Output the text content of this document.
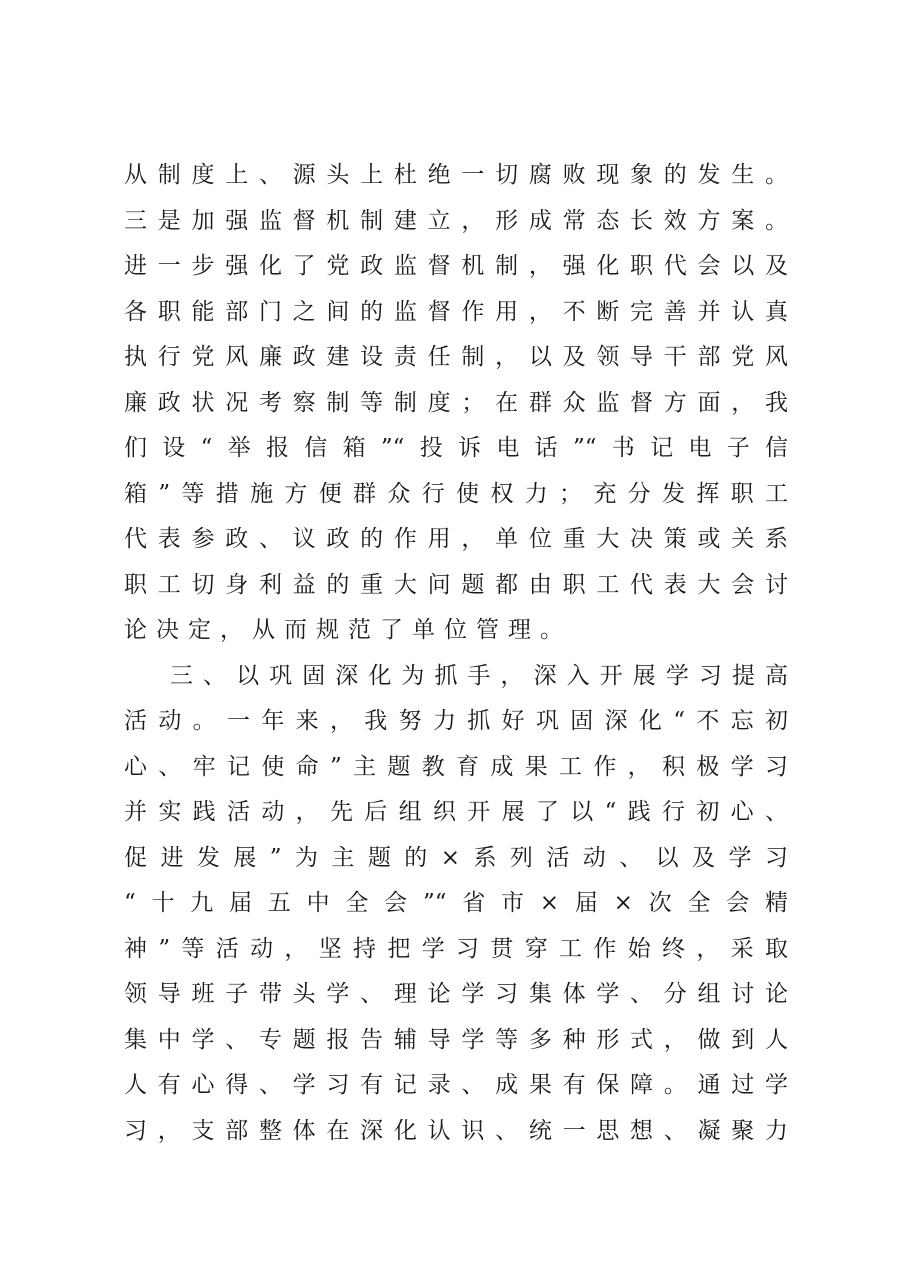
从制度上、源头上杜绝一切腐败现象的发生。
三是加强监督机制建立，形成常态长效方案。
进一步强化了党政监督机制，强化职代会以及
各职能部门之间的监督作用，不断完善并认真
执行党风廉政建设责任制，以及领导干部党风
廉政状况考察制等制度；在群众监督方面，我
们设“举报信箱”“投诉电话”“书记电子信
箱”等措施方便群众行使权力；充分发挥职工
代表参政、议政的作用，单位重大决策或关系
职工切身利益的重大问题都由职工代表大会讨
论决定，从而规范了单位管理。
三、以巩固深化为抓手，深入开展学习提高
活动。一年来，我努力抓好巩固深化“不忘初
心、牢记使命”主题教育成果工作，积极学习
并实践活动，先后组织开展了以“践行初心、
促进发展”为主题的×系列活动、以及学习
“十九届五中全会”“省市×届×次全会精
神”等活动，坚持把学习贯穿工作始终，采取
领导班子带头学、理论学习集体学、分组讨论
集中学、专题报告辅导学等多种形式，做到人
人有心得、学习有记录、成果有保障。通过学
习，支部整体在深化认识、统一思想、凝聚力
